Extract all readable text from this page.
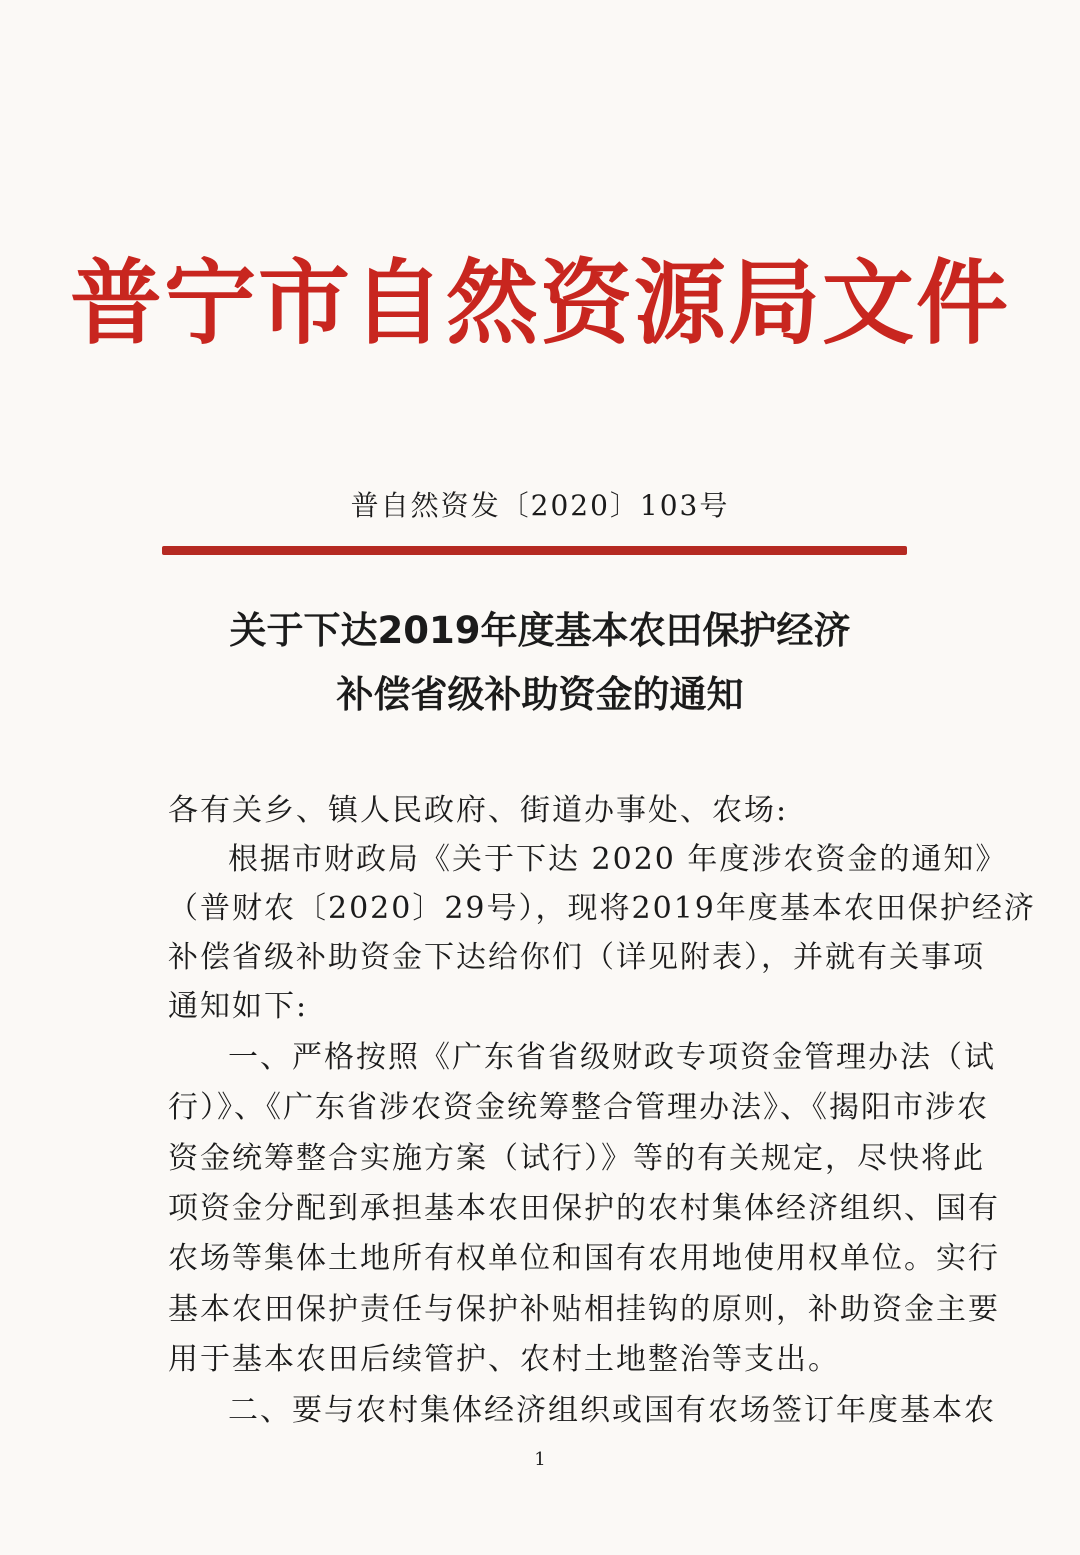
普宁市自然资源局文件
普自然资发〔2020〕103号
关于下达2019年度基本农田保护经济
补偿省级补助资金的通知
各有关乡、镇人民政府、街道办事处、农场:
根据市财政局《关于下达 2020 年度涉农资金的通知》
（普财农〔2020〕29号），现将2019年度基本农田保护经济
补偿省级补助资金下达给你们（详见附表），并就有关事项
通知如下:
一、严格按照《广东省省级财政专项资金管理办法（试
行）》、《广东省涉农资金统筹整合管理办法》、《揭阳市涉农
资金统筹整合实施方案（试行）》等的有关规定，尽快将此
项资金分配到承担基本农田保护的农村集体经济组织、国有
农场等集体土地所有权单位和国有农用地使用权单位。实行
基本农田保护责任与保护补贴相挂钩的原则，补助资金主要
用于基本农田后续管护、农村土地整治等支出。
二、要与农村集体经济组织或国有农场签订年度基本农
1
